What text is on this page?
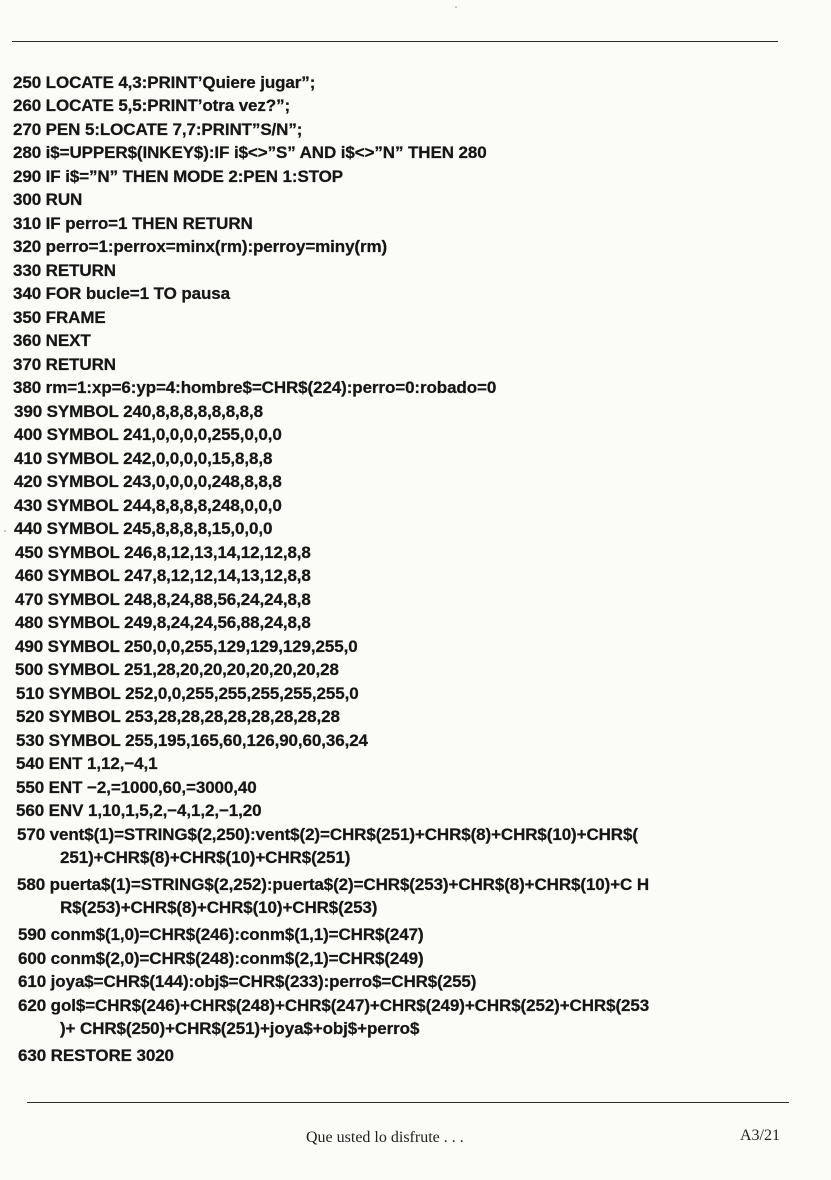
250 LOCATE 4,3:PRINT’Quiere jugar”;
260 LOCATE 5,5:PRINT’otra vez?”;
270 PEN 5:LOCATE 7,7:PRINT”S/N”;
280 i$=UPPER$(INKEY$):IF i$<>”S” AND i$<>”N” THEN 280
290 IF i$=”N” THEN MODE 2:PEN 1:STOP
300 RUN
310 IF perro=1 THEN RETURN
320 perro=1:perrox=minx(rm):perroy=miny(rm)
330 RETURN
340 FOR bucle=1 TO pausa
350 FRAME
360 NEXT
370 RETURN
380 rm=1:xp=6:yp=4:hombre$=CHR$(224):perro=0:robado=0
390 SYMBOL 240,8,8,8,8,8,8,8,8
400 SYMBOL 241,0,0,0,0,255,0,0,0
410 SYMBOL 242,0,0,0,0,15,8,8,8
420 SYMBOL 243,0,0,0,0,248,8,8,8
430 SYMBOL 244,8,8,8,8,248,0,0,0
440 SYMBOL 245,8,8,8,8,15,0,0,0
450 SYMBOL 246,8,12,13,14,12,12,8,8
460 SYMBOL 247,8,12,12,14,13,12,8,8
470 SYMBOL 248,8,24,88,56,24,24,8,8
480 SYMBOL 249,8,24,24,56,88,24,8,8
490 SYMBOL 250,0,0,255,129,129,129,255,0
500 SYMBOL 251,28,20,20,20,20,20,20,28
510 SYMBOL 252,0,0,255,255,255,255,255,0
520 SYMBOL 253,28,28,28,28,28,28,28,28
530 SYMBOL 255,195,165,60,126,90,60,36,24
540 ENT 1,12,−4,1
550 ENT −2,=1000,60,=3000,40
560 ENV 1,10,1,5,2,−4,1,2,−1,20
570 vent$(1)=STRING$(2,250):vent$(2)=CHR$(251)+CHR$(8)+CHR$(10)+CHR$(
251)+CHR$(8)+CHR$(10)+CHR$(251)
580 puerta$(1)=STRING$(2,252):puerta$(2)=CHR$(253)+CHR$(8)+CHR$(10)+C H
R$(253)+CHR$(8)+CHR$(10)+CHR$(253)
590 conm$(1,0)=CHR$(246):conm$(1,1)=CHR$(247)
600 conm$(2,0)=CHR$(248):conm$(2,1)=CHR$(249)
610 joya$=CHR$(144):obj$=CHR$(233):perro$=CHR$(255)
620 gol$=CHR$(246)+CHR$(248)+CHR$(247)+CHR$(249)+CHR$(252)+CHR$(253
)+ CHR$(250)+CHR$(251)+joya$+obj$+perro$
630 RESTORE 3020
Que usted lo disfrute . . .	A3/21
